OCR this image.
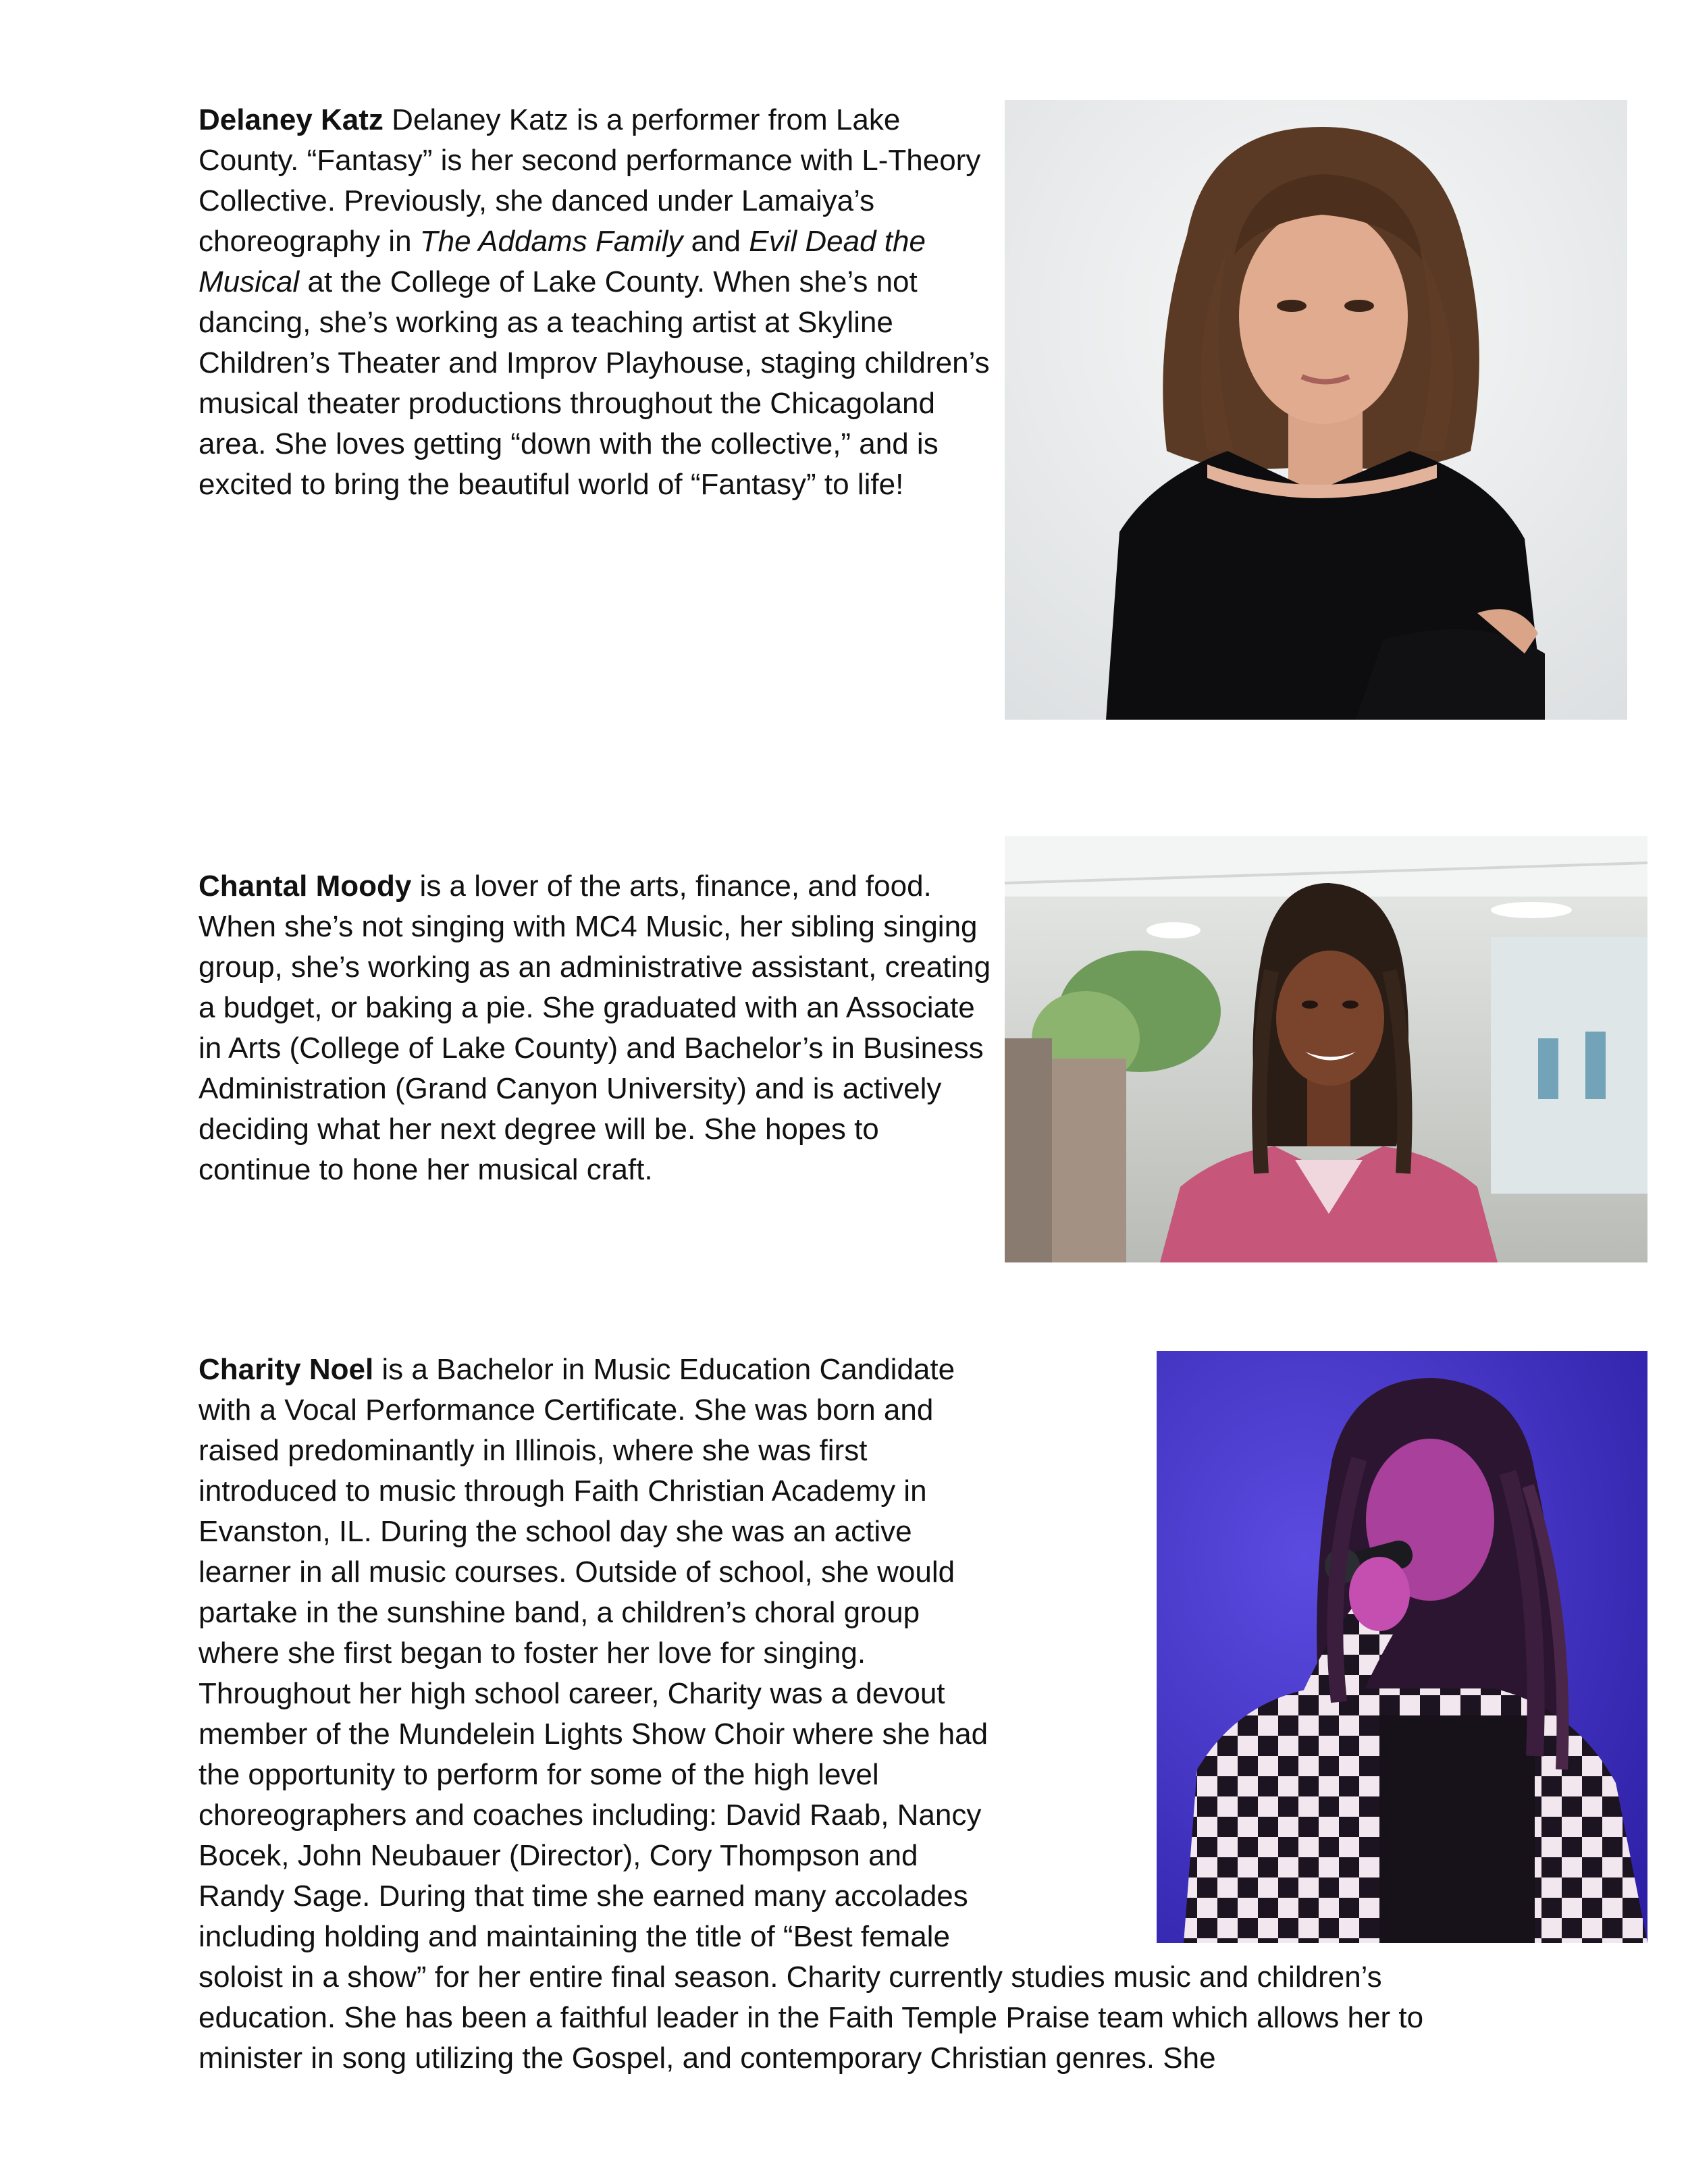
Delaney Katz Delaney Katz is a performer from Lake County. “Fantasy” is her second performance with L-Theory Collective. Previously, she danced under Lamaiya’s choreography in The Addams Family and Evil Dead the Musical at the College of Lake County. When she’s not dancing, she’s working as a teaching artist at Skyline Children’s Theater and Improv Playhouse, staging children’s musical theater productions throughout the Chicagoland area. She loves getting “down with the collective,” and is excited to bring the beautiful world of “Fantasy” to life!

Chantal Moody is a lover of the arts, finance, and food. When she’s not singing with MC4 Music, her sibling singing group, she’s working as an administrative assistant, creating a budget, or baking a pie. She graduated with an Associate in Arts (College of Lake County) and Bachelor’s in Business Administration (Grand Canyon University) and is actively deciding what her next degree will be. She hopes to continue to hone her musical craft.

Charity Noel is a Bachelor in Music Education Candidate with a Vocal Performance Certificate. She was born and raised predominantly in Illinois, where she was first introduced to music through Faith Christian Academy in Evanston, IL. During the school day she was an active learner in all music courses. Outside of school, she would partake in the sunshine band, a children’s choral group where she first began to foster her love for singing. Throughout her high school career, Charity was a devout member of the Mundelein Lights Show Choir where she had the opportunity to perform for some of the high level choreographers and coaches including: David Raab, Nancy Bocek, John Neubauer (Director), Cory Thompson and Randy Sage. During that time she earned many accolades including holding and maintaining the title of “Best female soloist in a show” for her entire final season. Charity currently studies music and children’s education. She has been a faithful leader in the Faith Temple Praise team which allows her to minister in song utilizing the Gospel, and contemporary Christian genres. She
